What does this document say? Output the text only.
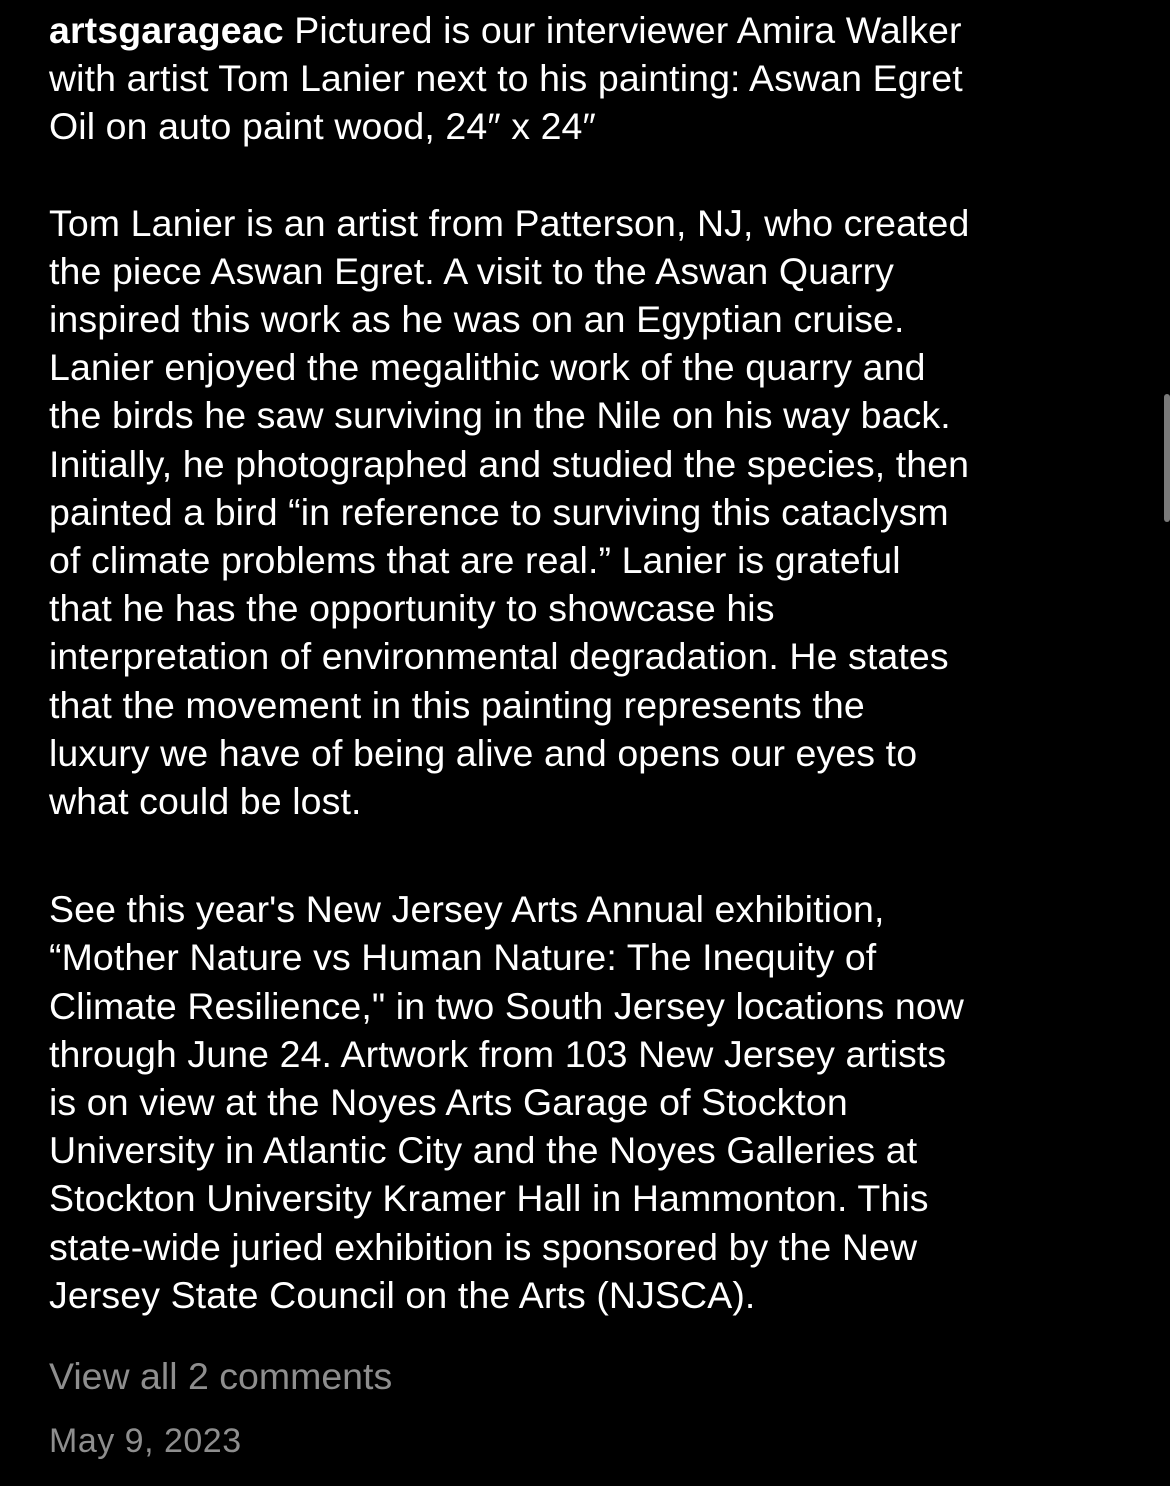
artsgarageac Pictured is our interviewer Amira Walker
with artist Tom Lanier next to his painting: Aswan Egret
Oil on auto paint wood, 24″ x 24″

Tom Lanier is an artist from Patterson, NJ, who created
the piece Aswan Egret. A visit to the Aswan Quarry
inspired this work as he was on an Egyptian cruise.
Lanier enjoyed the megalithic work of the quarry and
the birds he saw surviving in the Nile on his way back.
Initially, he photographed and studied the species, then
painted a bird “in reference to surviving this cataclysm
of climate problems that are real.” Lanier is grateful
that he has the opportunity to showcase his
interpretation of environmental degradation. He states
that the movement in this painting represents the
luxury we have of being alive and opens our eyes to
what could be lost.

See this year's New Jersey Arts Annual exhibition,
“Mother Nature vs Human Nature: The Inequity of
Climate Resilience," in two South Jersey locations now
through June 24. Artwork from 103 New Jersey artists
is on view at the Noyes Arts Garage of Stockton
University in Atlantic City and the Noyes Galleries at
Stockton University Kramer Hall in Hammonton. This
state-wide juried exhibition is sponsored by the New
Jersey State Council on the Arts (NJSCA).

View all 2 comments
May 9, 2023
